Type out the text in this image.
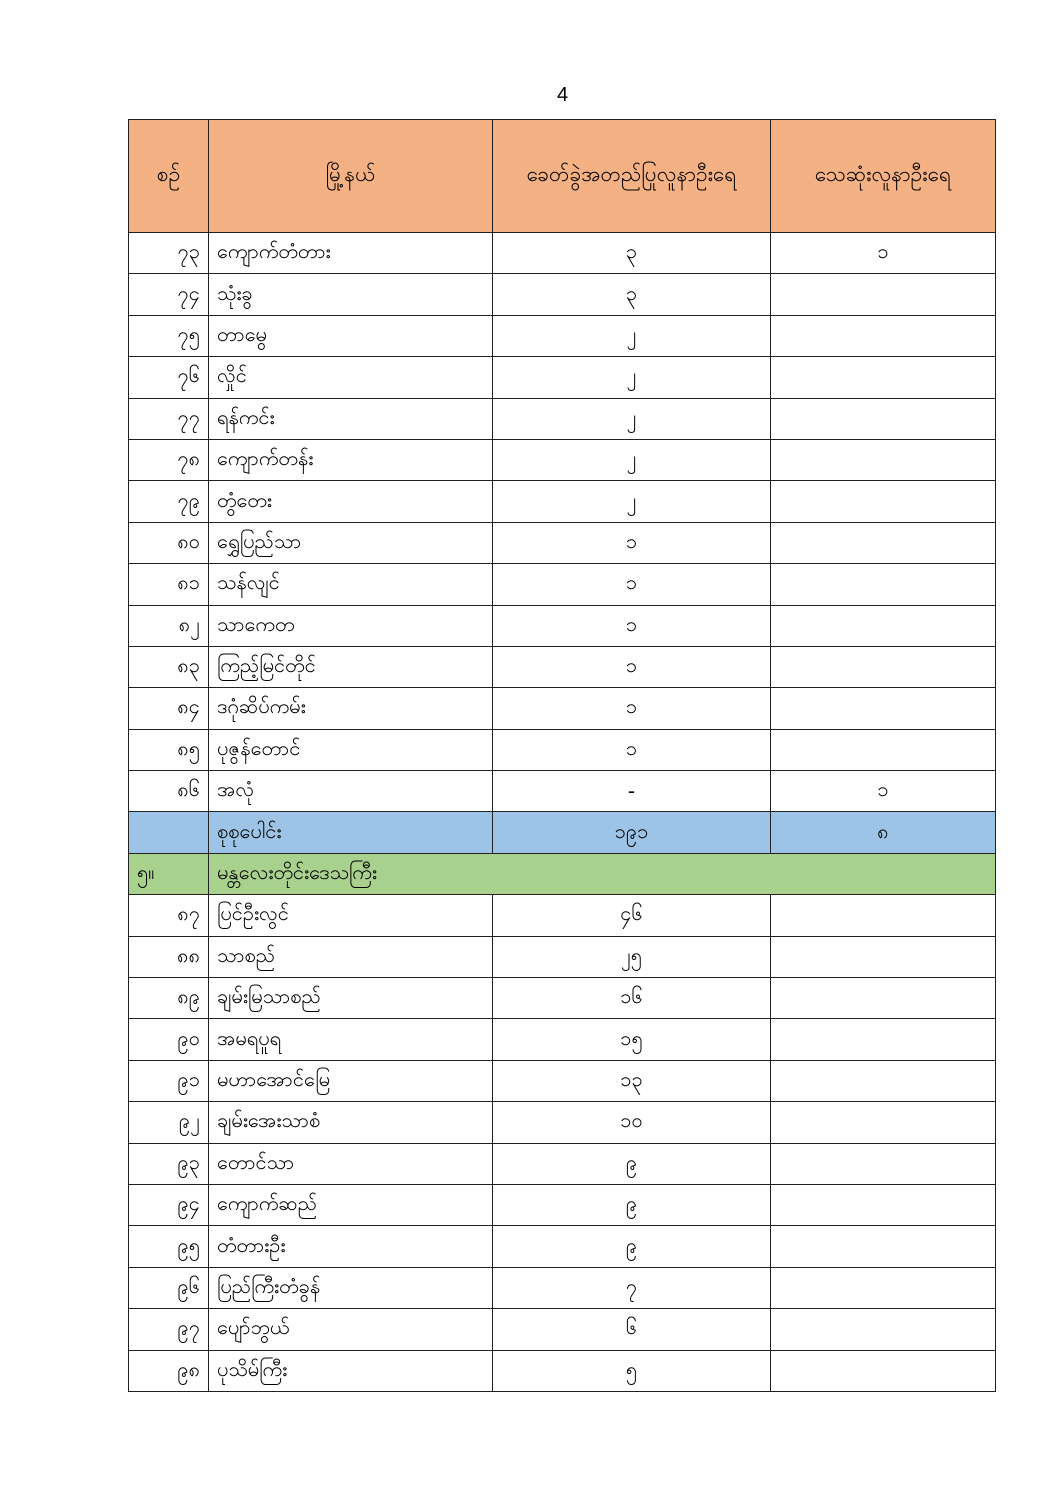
4
စဉ်	မြို့နယ်	ခေတ်ခွဲအတည်ပြုလူနာဦးရေ	သေဆုံးလူနာဦးရေ
၇၃	ကျောက်တံတား	၃	၁
၇၄	သုံးခွ	၃	
၇၅	တာမွေ	၂	
၇၆	လှိုင်	၂	
၇၇	ရန်ကင်း	၂	
၇၈	ကျောက်တန်း	၂	
၇၉	တွံတေး	၂	
၈၀	ရွှေပြည်သာ	၁	
၈၁	သန်လျင်	၁	
၈၂	သာကေတ	၁	
၈၃	ကြည့်မြင်တိုင်	၁	
၈၄	ဒဂုံဆိပ်ကမ်း	၁	
၈၅	ပုဇွန်တောင်	၁	
၈၆	အလုံ	-	၁
	စုစုပေါင်း	၁၉၁	၈
၅။	မန္တလေးတိုင်းဒေသကြီး		
၈၇	ပြင်ဦးလွင်	၄၆	
၈၈	သာစည်	၂၅	
၈၉	ချမ်းမြသာစည်	၁၆	
၉၀	အမရပူရ	၁၅	
၉၁	မဟာအောင်မြေ	၁၃	
၉၂	ချမ်းအေးသာစံ	၁၀	
၉၃	တောင်သာ	၉	
၉၄	ကျောက်ဆည်	၉	
၉၅	တံတားဦး	၉	
၉၆	ပြည်ကြီးတံခွန်	၇	
၉၇	ပျော်ဘွယ်	၆	
၉၈	ပုသိမ်ကြီး	၅	
